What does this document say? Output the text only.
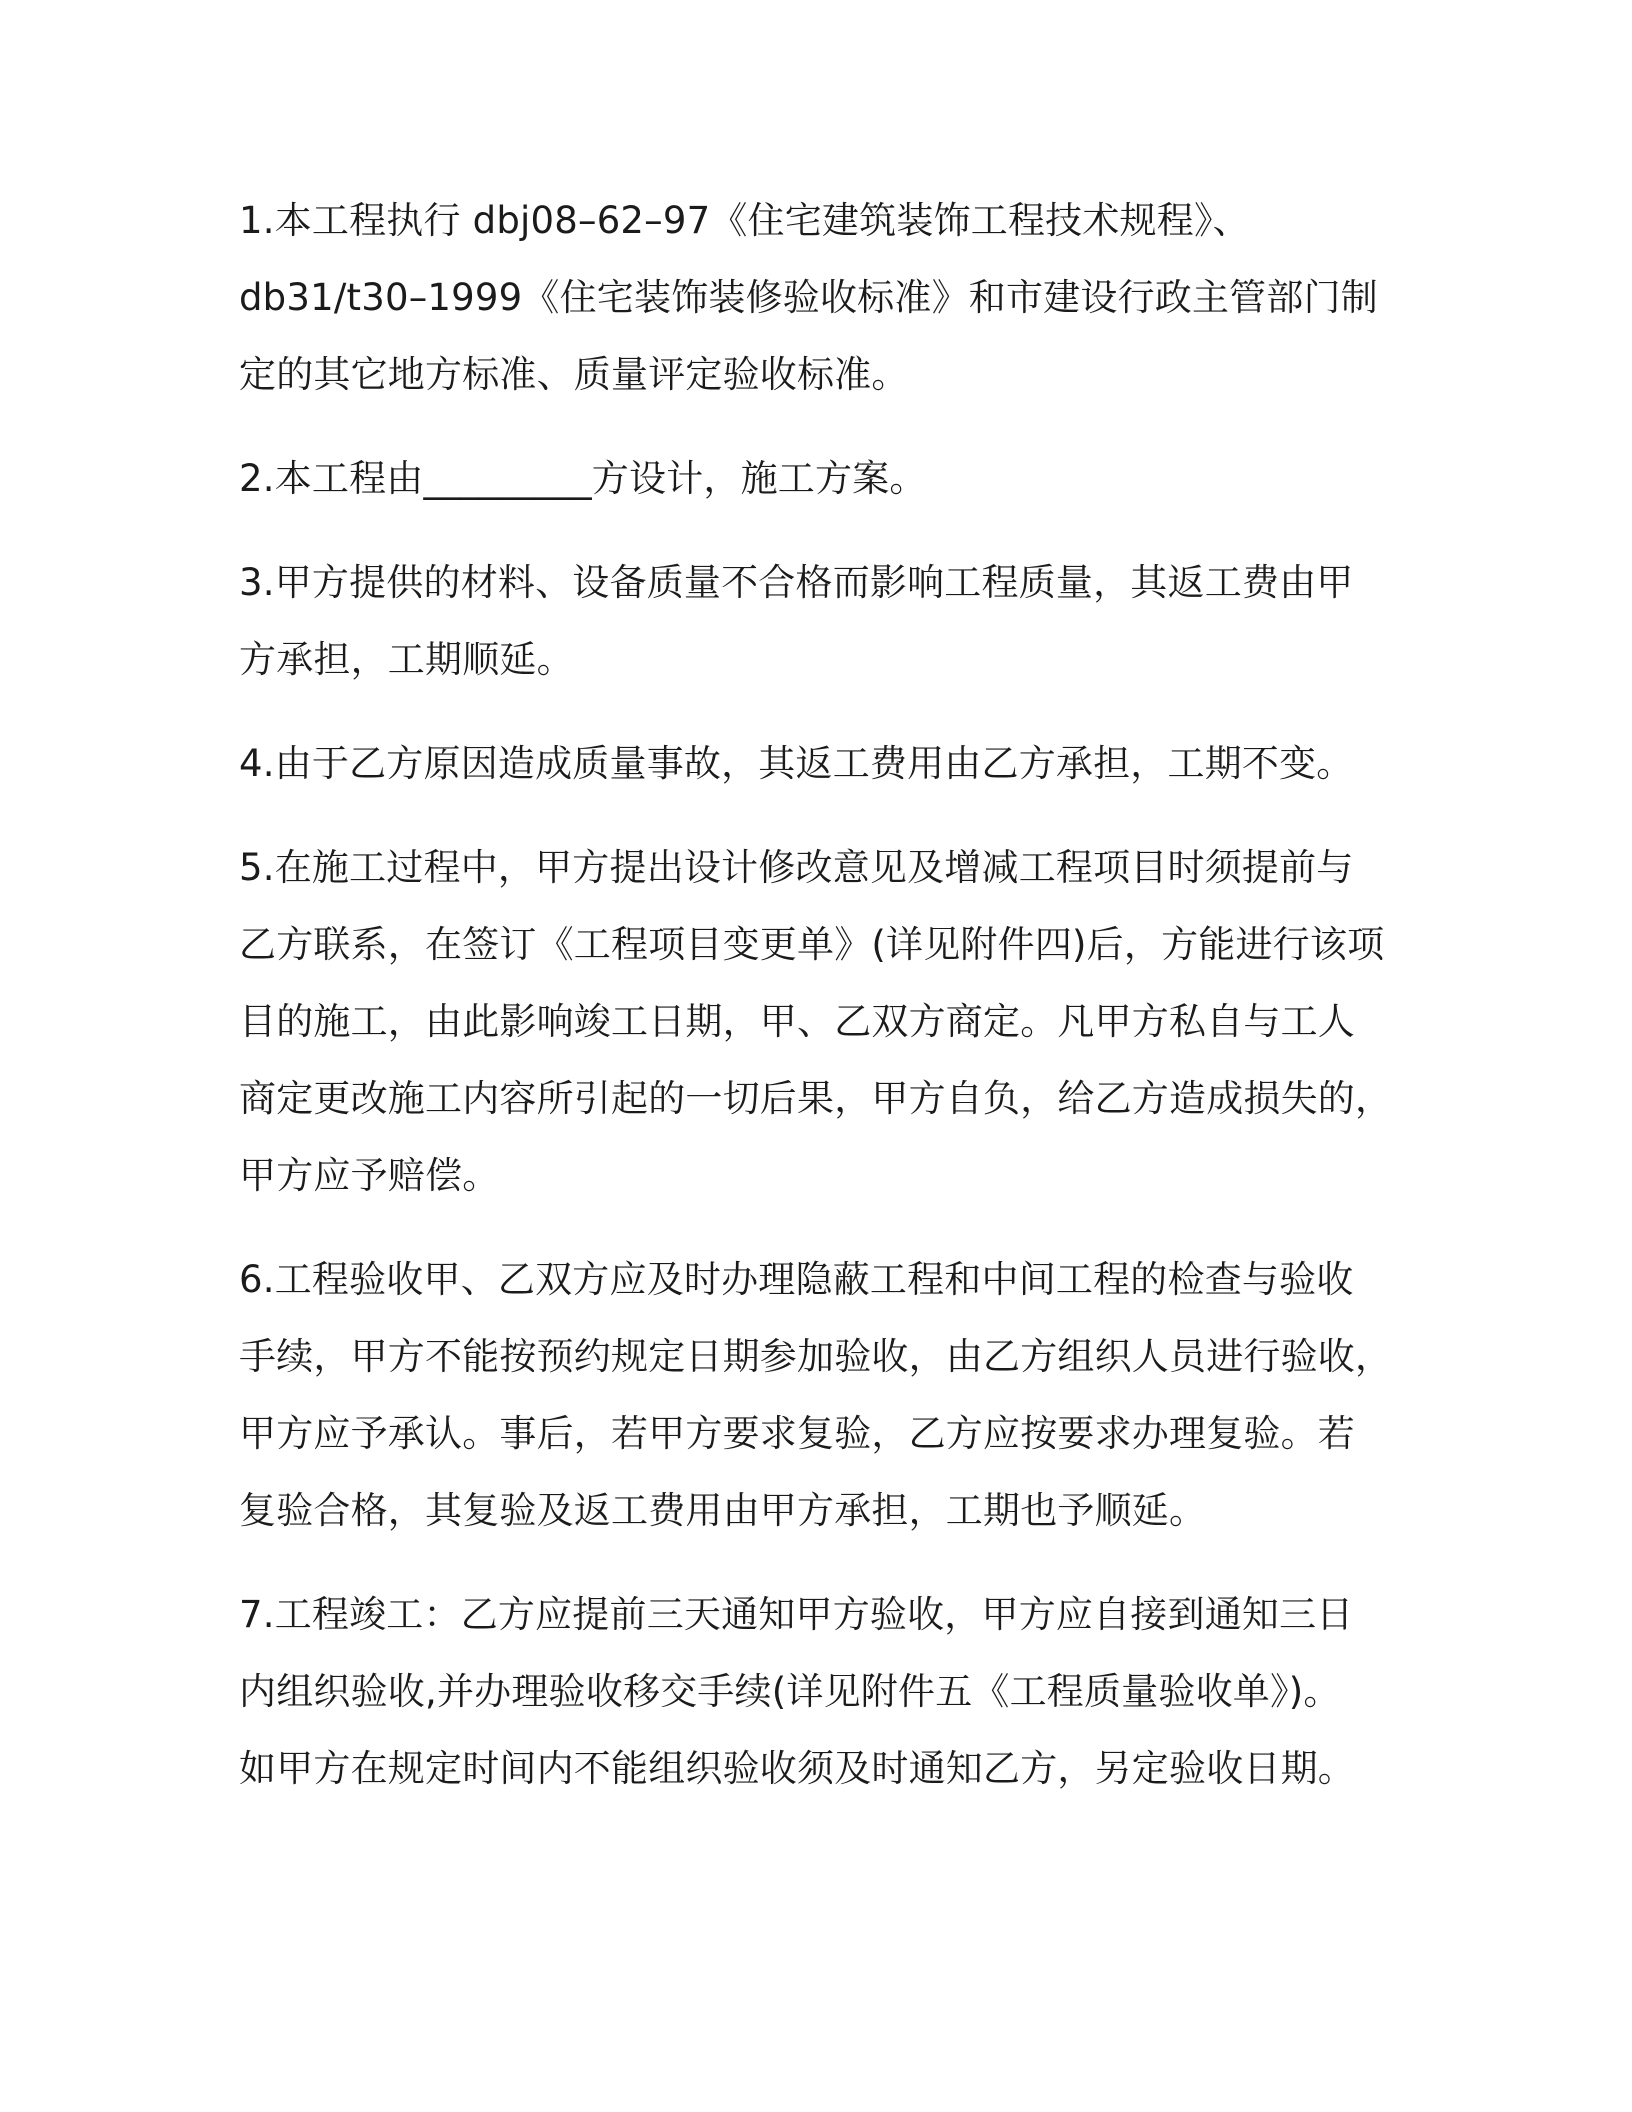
1.本工程执行 dbj08–62–97《住宅建筑装饰工程技术规程》、
db31/t30–1999《住宅装饰装修验收标准》和市建设行政主管部门制
定的其它地方标准、质量评定验收标准。
2.本工程由_________方设计，施工方案。
3.甲方提供的材料、设备质量不合格而影响工程质量，其返工费由甲
方承担，工期顺延。
4.由于乙方原因造成质量事故，其返工费用由乙方承担，工期不变。
5.在施工过程中，甲方提出设计修改意见及增减工程项目时须提前与
乙方联系，在签订《工程项目变更单》(详见附件四)后，方能进行该项
目的施工，由此影响竣工日期，甲、乙双方商定。凡甲方私自与工人
商定更改施工内容所引起的一切后果，甲方自负，给乙方造成损失的，
甲方应予赔偿。
6.工程验收甲、乙双方应及时办理隐蔽工程和中间工程的检查与验收
手续，甲方不能按预约规定日期参加验收，由乙方组织人员进行验收，
甲方应予承认。事后，若甲方要求复验，乙方应按要求办理复验。若
复验合格，其复验及返工费用由甲方承担，工期也予顺延。
7.工程竣工：乙方应提前三天通知甲方验收，甲方应自接到通知三日
内组织验收,并办理验收移交手续(详见附件五《工程质量验收单》)。
如甲方在规定时间内不能组织验收须及时通知乙方，另定验收日期。
